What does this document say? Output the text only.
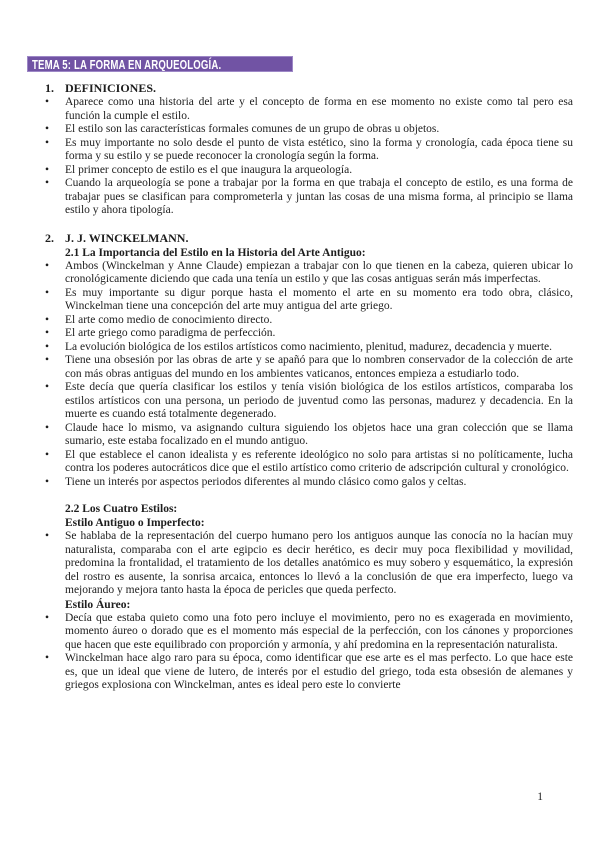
TEMA 5: LA FORMA EN ARQUEOLOGÍA.
1. DEFINICIONES.
• Aparece como una historia del arte y el concepto de forma en ese momento no existe como tal pero esa función la cumple el estilo.
• El estilo son las características formales comunes de un grupo de obras u objetos.
• Es muy importante no solo desde el punto de vista estético, sino la forma y cronología, cada época tiene su forma y su estilo y se puede reconocer la cronología según la forma.
• El primer concepto de estilo es el que inaugura la arqueología.
• Cuando la arqueología se pone a trabajar por la forma en que trabaja el concepto de estilo, es una forma de trabajar pues se clasifican para comprometerla y juntan las cosas de una misma forma, al principio se llama estilo y ahora tipología.
2. J. J. WINCKELMANN.
2.1 La Importancia del Estilo en la Historia del Arte Antiguo:
• Ambos (Winckelman y Anne Claude) empiezan a trabajar con lo que tienen en la cabeza, quieren ubicar lo cronológicamente diciendo que cada una tenía un estilo y que las cosas antiguas serán más imperfectas.
• Es muy importante su digur porque hasta el momento el arte en su momento era todo obra, clásico, Winckelman tiene una concepción del arte muy antigua del arte griego.
• El arte como medio de conocimiento directo.
• El arte griego como paradigma de perfección.
• La evolución biológica de los estilos artísticos como nacimiento, plenitud, madurez, decadencia y muerte.
• Tiene una obsesión por las obras de arte y se apañó para que lo nombren conservador de la colección de arte con más obras antiguas del mundo en los ambientes vaticanos, entonces empieza a estudiarlo todo.
• Este decía que quería clasificar los estilos y tenía visión biológica de los estilos artísticos, comparaba los estilos artísticos con una persona, un periodo de juventud como las personas, madurez y decadencia. En la muerte es cuando está totalmente degenerado.
• Claude hace lo mismo, va asignando cultura siguiendo los objetos hace una gran colección que se llama sumario, este estaba focalizado en el mundo antiguo.
• El que establece el canon idealista y es referente ideológico no solo para artistas si no políticamente, lucha contra los poderes autocráticos dice que el estilo artístico como criterio de adscripción cultural y cronológico.
• Tiene un interés por aspectos periodos diferentes al mundo clásico como galos y celtas.
2.2 Los Cuatro Estilos:
Estilo Antiguo o Imperfecto:
• Se hablaba de la representación del cuerpo humano pero los antiguos aunque las conocía no la hacían muy naturalista, comparaba con el arte egipcio es decir herético, es decir muy poca flexibilidad y movilidad, predomina la frontalidad, el tratamiento de los detalles anatómico es muy sobero y esquemático, la expresión del rostro es ausente, la sonrisa arcaica, entonces lo llevó a la conclusión de que era imperfecto, luego va mejorando y mejora tanto hasta la época de pericles que queda perfecto.
Estilo Áureo:
• Decía que estaba quieto como una foto pero incluye el movimiento, pero no es exagerada en movimiento, momento áureo o dorado que es el momento más especial de la perfección, con los cánones y proporciones que hacen que este equilibrado con proporción y armonía, y ahí predomina en la representación naturalista.
• Winckelman hace algo raro para su época, como identificar que ese arte es el mas perfecto. Lo que hace este es, que un ideal que viene de lutero, de interés por el estudio del griego, toda esta obsesión de alemanes y griegos explosiona con Winckelman, antes es ideal pero este lo convierte
1
